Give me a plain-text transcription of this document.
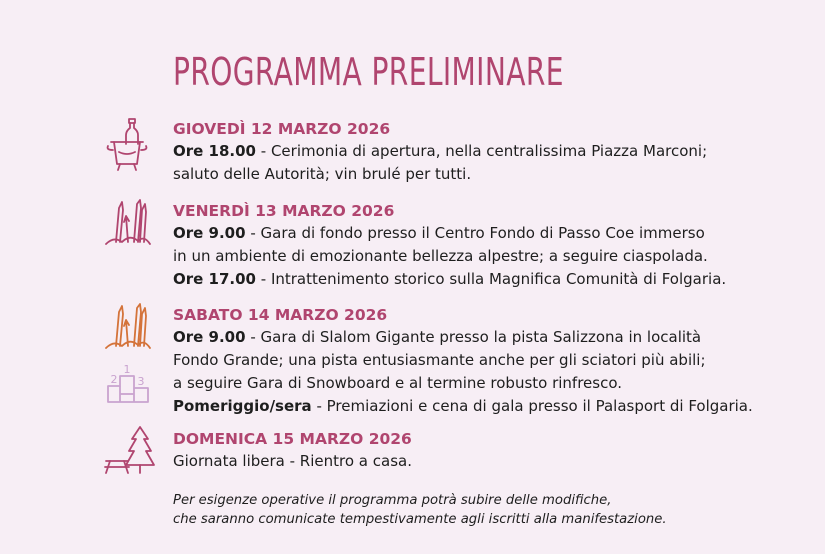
PROGRAMMA PRELIMINARE
2
1
3
GIOVEDÌ 12 MARZO 2026
Ore 18.00 - Cerimonia di apertura, nella centralissima Piazza Marconi;
saluto delle Autorità; vin brulé per tutti.
VENERDÌ 13 MARZO 2026
Ore 9.00 - Gara di fondo presso il Centro Fondo di Passo Coe immerso
in un ambiente di emozionante bellezza alpestre; a seguire ciaspolada.
Ore 17.00 - Intrattenimento storico sulla Magnifica Comunità di Folgaria.
SABATO 14 MARZO 2026
Ore 9.00 - Gara di Slalom Gigante presso la pista Salizzona in località
Fondo Grande; una pista entusiasmante anche per gli sciatori più abili;
a seguire Gara di Snowboard e al termine robusto rinfresco.
Pomeriggio/sera - Premiazioni e cena di gala presso il Palasport di Folgaria.
DOMENICA 15 MARZO 2026
Giornata libera - Rientro a casa.
Per esigenze operative il programma potrà subire delle modifiche,
che saranno comunicate tempestivamente agli iscritti alla manifestazione.
